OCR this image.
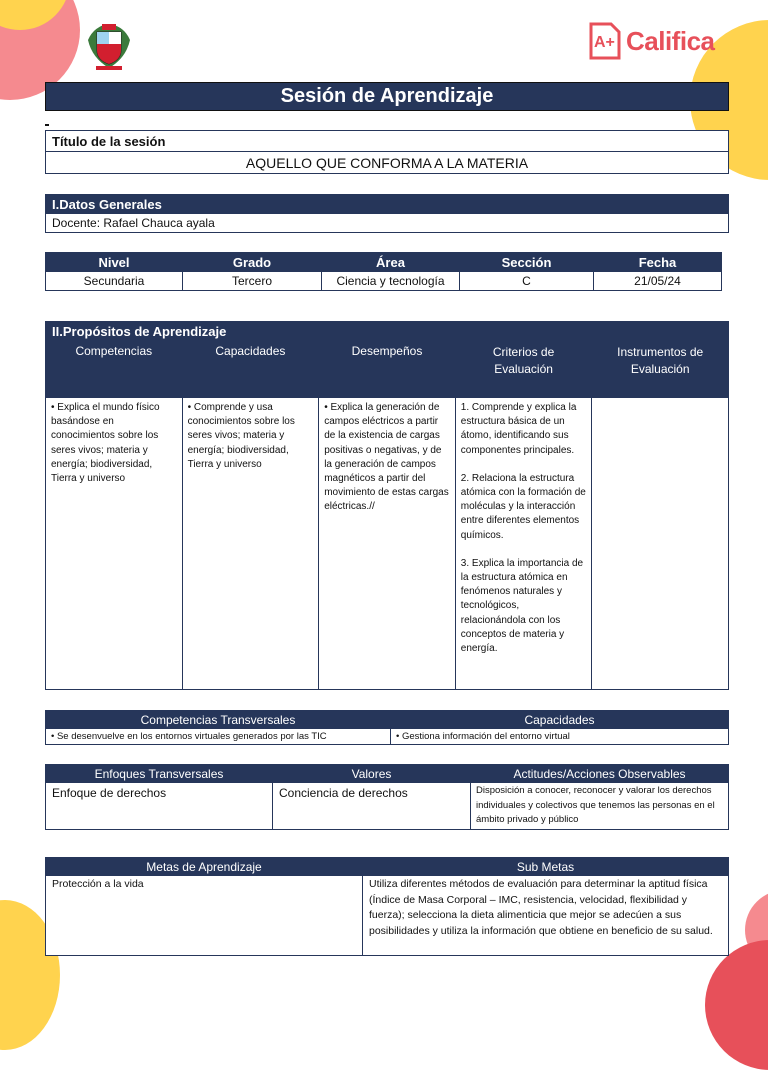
A+ Califica
Sesión de Aprendizaje
Título de la sesión
AQUELLO QUE CONFORMA A LA MATERIA
I.Datos Generales
Docente: Rafael Chauca ayala
Nivel	Grado	Área	Sección	Fecha
Secundaria	Tercero	Ciencia y tecnología	C	21/05/24
II.Propósitos de Aprendizaje				
Competencias	Capacidades	Desempeños	Criterios de Evaluación	Instrumentos de Evaluación
• Explica el mundo físico basándose en conocimientos sobre los seres vivos; materia y energía; biodiversidad, Tierra y universo	• Comprende y usa conocimientos sobre los seres vivos; materia y energía; biodiversidad, Tierra y universo	• Explica la generación de campos eléctricos a partir de la existencia de cargas positivas o negativas, y de la generación de campos magnéticos a partir del movimiento de estas cargas eléctricas.//	1. Comprende y explica la estructura básica de un átomo, identificando sus componentes principales.
2. Relaciona la estructura atómica con la formación de moléculas y la interacción entre diferentes elementos químicos.
3. Explica la importancia de la estructura atómica en fenómenos naturales y tecnológicos, relacionándola con los conceptos de materia y energía.	

Competencias Transversales	Capacidades
• Se desenvuelve en los entornos virtuales generados por las TIC	• Gestiona información del entorno virtual
Enfoques Transversales	Valores	Actitudes/Acciones Observables
Enfoque de derechos	Conciencia de derechos	Disposición a conocer, reconocer y valorar los derechos individuales y colectivos que tenemos las personas en el ámbito privado y público
Metas de Aprendizaje	Sub Metas
Protección a la vida	Utiliza diferentes métodos de evaluación para determinar la aptitud física (Índice de Masa Corporal – IMC, resistencia, velocidad, flexibilidad y fuerza); selecciona la dieta alimenticia que mejor se adecúen a sus posibilidades y utiliza la información que obtiene en beneficio de su salud.
